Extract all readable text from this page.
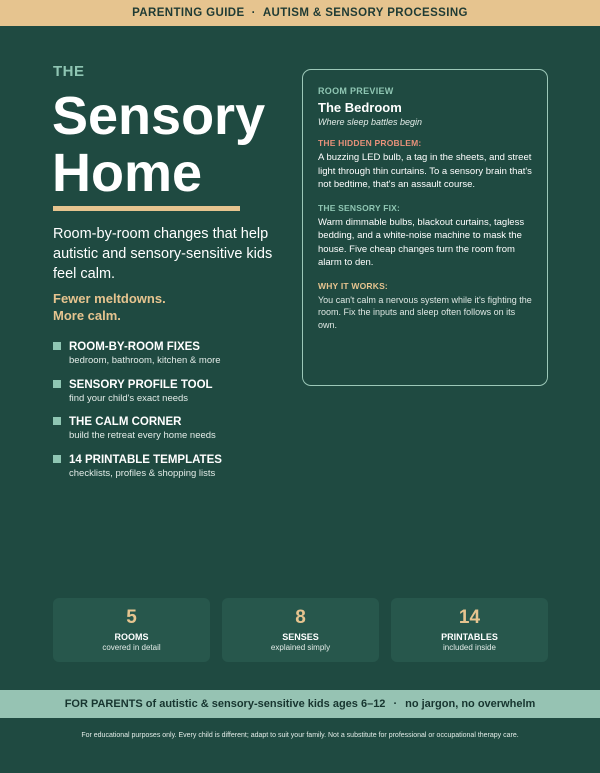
PARENTING GUIDE · AUTISM & SENSORY PROCESSING
THE
Sensory
Home
Room-by-room changes that help autistic and sensory-sensitive kids feel calm.
Fewer meltdowns.
More calm.
ROOM-BY-ROOM FIXES
bedroom, bathroom, kitchen & more
SENSORY PROFILE TOOL
find your child's exact needs
THE CALM CORNER
build the retreat every home needs
14 PRINTABLE TEMPLATES
checklists, profiles & shopping lists
ROOM PREVIEW
The Bedroom
Where sleep battles begin
THE HIDDEN PROBLEM:
A buzzing LED bulb, a tag in the sheets, and street light through thin curtains. To a sensory brain that's not bedtime, that's an assault course.
THE SENSORY FIX:
Warm dimmable bulbs, blackout curtains, tagless bedding, and a white-noise machine to mask the house. Five cheap changes turn the room from alarm to den.
WHY IT WORKS:
You can't calm a nervous system while it's fighting the room. Fix the inputs and sleep often follows on its own.
5
ROOMS
covered in detail
8
SENSES
explained simply
14
PRINTABLES
included inside
FOR PARENTS of autistic & sensory-sensitive kids ages 6–12 · no jargon, no overwhelm
For educational purposes only. Every child is different; adapt to suit your family. Not a substitute for professional or occupational therapy care.
